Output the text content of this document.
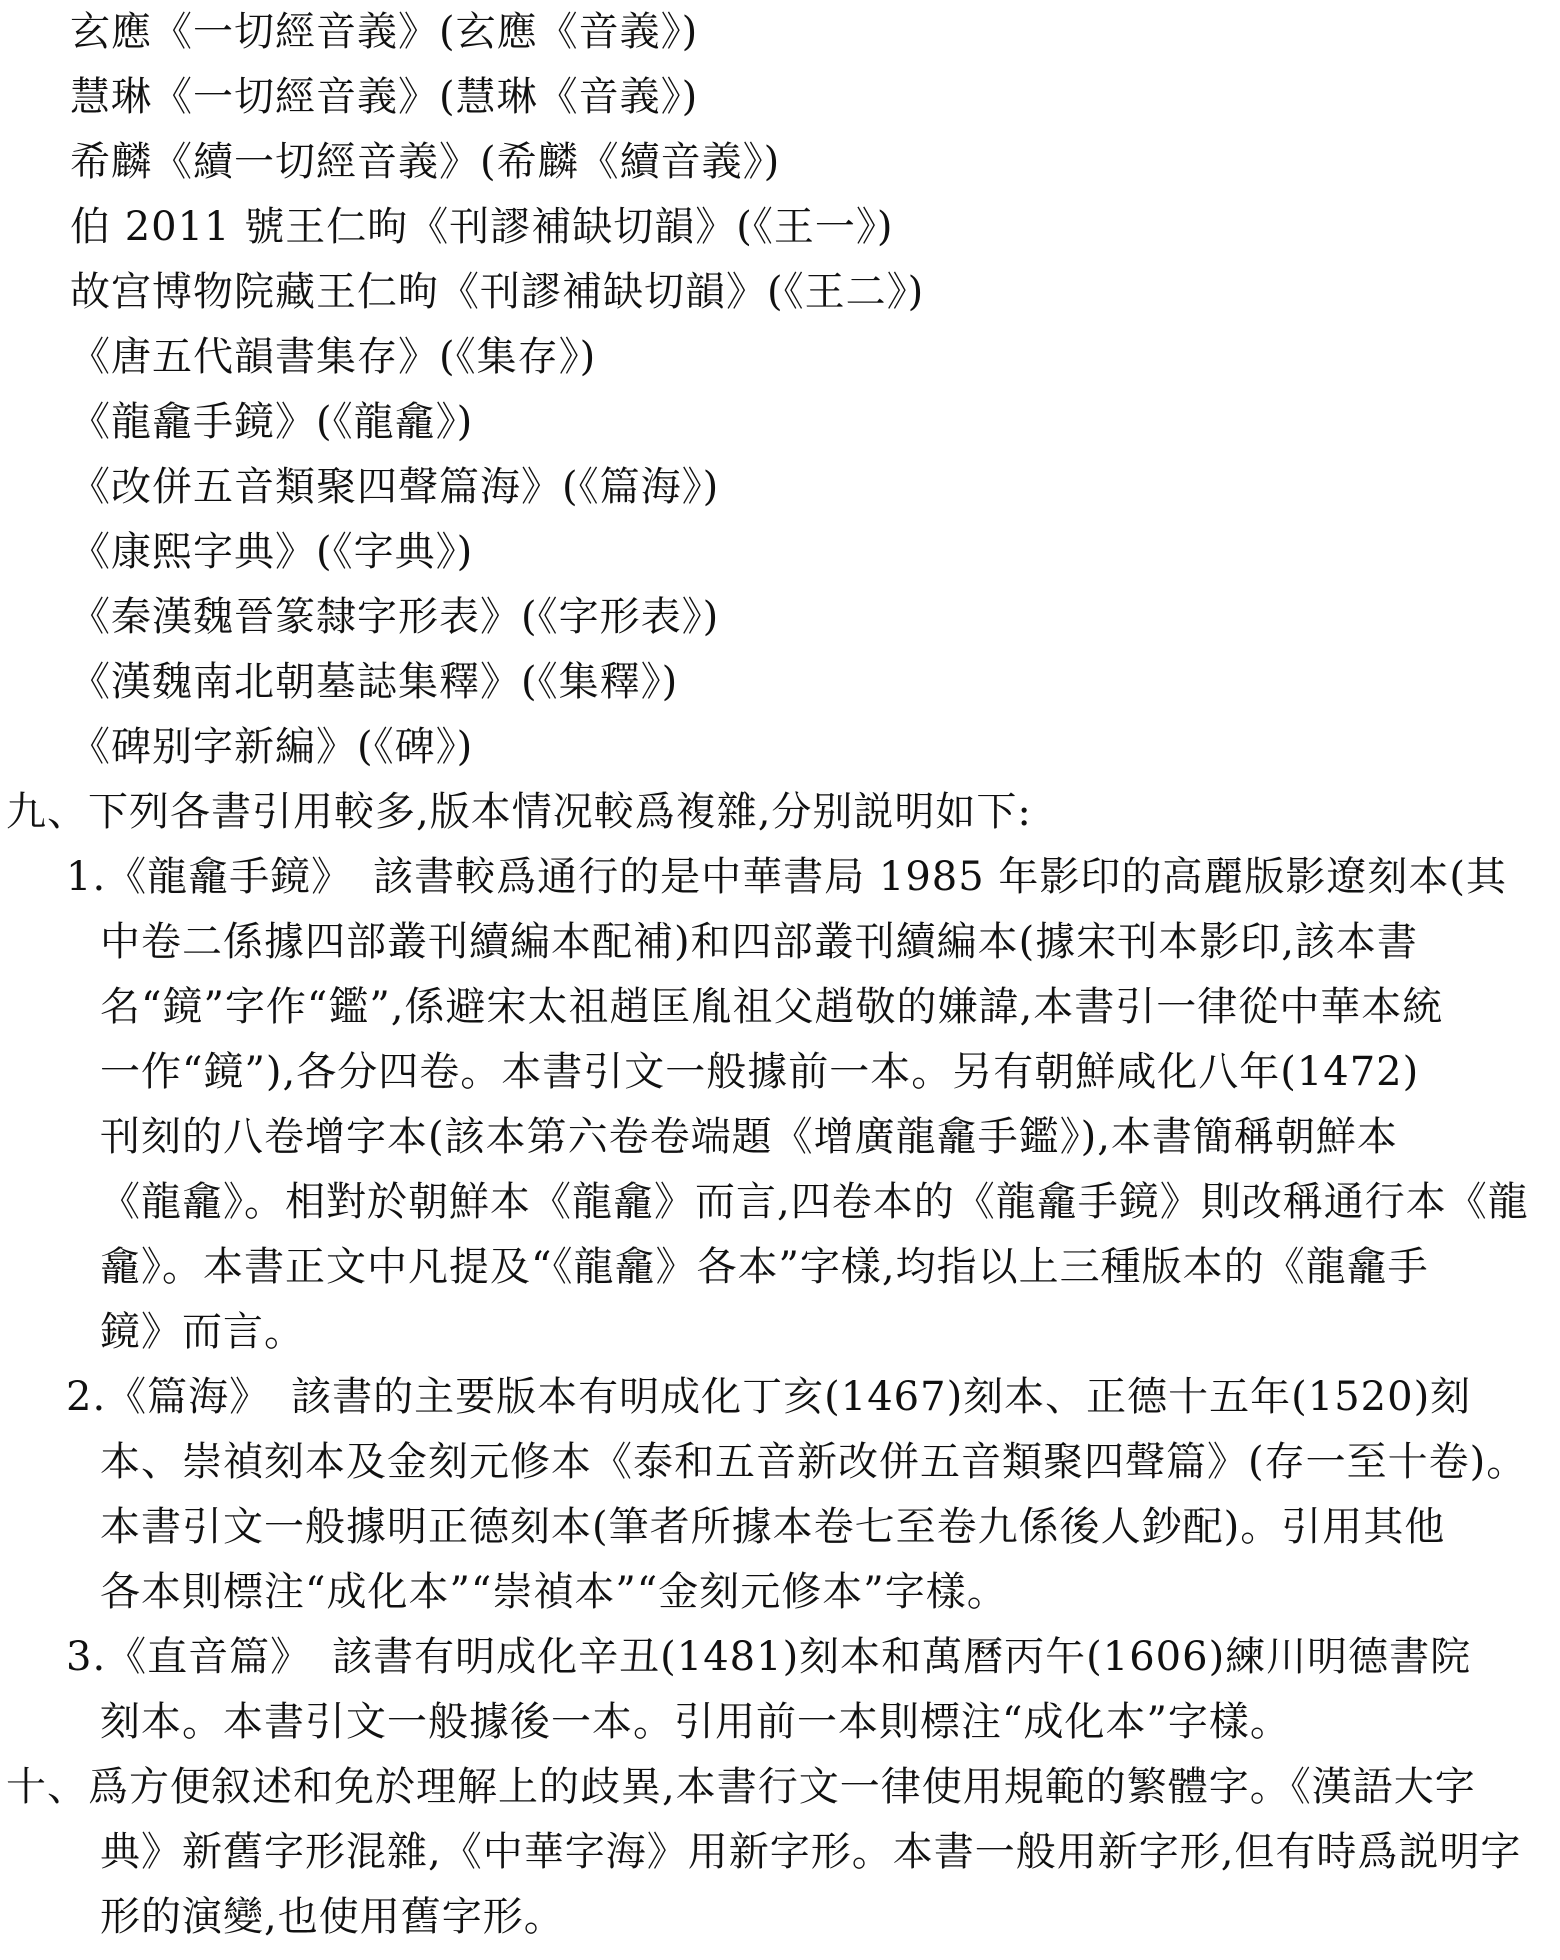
玄應《一切經音義》(玄應《音義》)
慧琳《一切經音義》(慧琳《音義》)
希麟《續一切經音義》(希麟《續音義》)
伯 2011 號王仁昫《刊謬補缺切韻》(《王一》)
故宫博物院藏王仁昫《刊謬補缺切韻》(《王二》)
《唐五代韻書集存》(《集存》)
《龍龕手鏡》(《龍龕》)
《改併五音類聚四聲篇海》(《篇海》)
《康熙字典》(《字典》)
《秦漢魏晉篆隸字形表》(《字形表》)
《漢魏南北朝墓誌集釋》(《集釋》)
《碑别字新編》(《碑》)
九、下列各書引用較多,版本情况較爲複雜,分别説明如下:
1.《龍龕手鏡》　該書較爲通行的是中華書局 1985 年影印的高麗版影遼刻本(其
中卷二係據四部叢刊續編本配補)和四部叢刊續編本(據宋刊本影印,該本書
名“鏡”字作“鑑”,係避宋太祖趙匡胤祖父趙敬的嫌諱,本書引一律從中華本統
一作“鏡”),各分四卷。本書引文一般據前一本。另有朝鮮咸化八年(1472)
刊刻的八卷增字本(該本第六卷卷端題《增廣龍龕手鑑》),本書簡稱朝鮮本
《龍龕》。相對於朝鮮本《龍龕》而言,四卷本的《龍龕手鏡》則改稱通行本《龍
龕》。本書正文中凡提及“《龍龕》各本”字樣,均指以上三種版本的《龍龕手
鏡》而言。
2.《篇海》　該書的主要版本有明成化丁亥(1467)刻本、正德十五年(1520)刻
本、崇禎刻本及金刻元修本《泰和五音新改併五音類聚四聲篇》(存一至十卷)。
本書引文一般據明正德刻本(筆者所據本卷七至卷九係後人鈔配)。引用其他
各本則標注“成化本”“崇禎本”“金刻元修本”字樣。
3.《直音篇》　該書有明成化辛丑(1481)刻本和萬曆丙午(1606)練川明德書院
刻本。本書引文一般據後一本。引用前一本則標注“成化本”字樣。
十、爲方便叙述和免於理解上的歧異,本書行文一律使用規範的繁體字。《漢語大字
典》新舊字形混雜,《中華字海》用新字形。本書一般用新字形,但有時爲説明字
形的演變,也使用舊字形。
